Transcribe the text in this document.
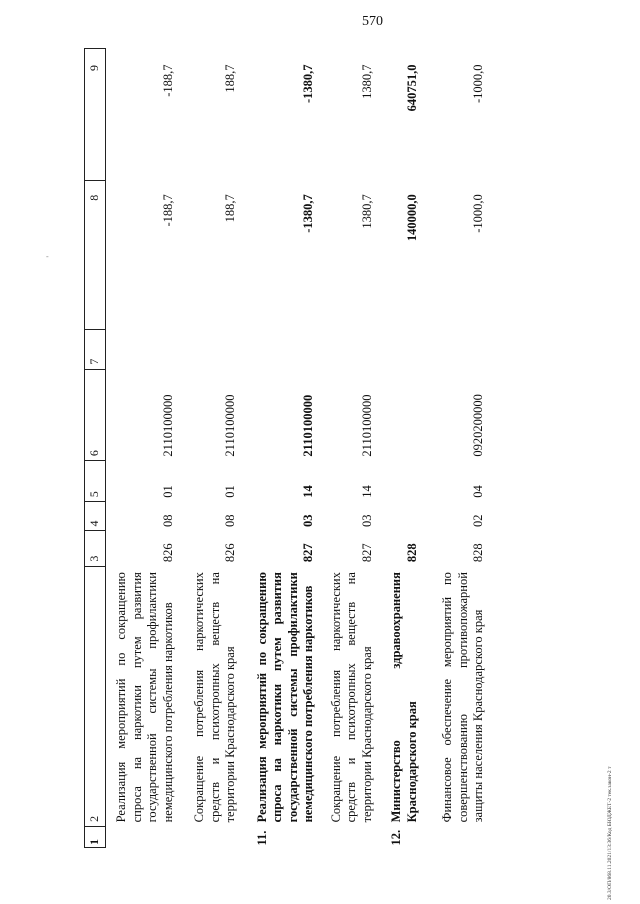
570
-
20.3/ОП/868.11.2021/13:36/Код БЮДЖЕТ-2 тек.закон-2 т
1	2	3	4	5	6	7	8	9
	Реализация мероприятий по сокращению спроса на наркотики путем развития государственной системы профилактики немедицинского потребления наркотиков	826	08	01	2110100000		-188,7	-188,7
	Сокращение потребления наркотических средств и психотропных веществ на территории Краснодарского края	826	08	01	2110100000		188,7	188,7
11.	Реализация мероприятий по сокращению спроса на наркотики путем развития государственной системы профилактики немедицинского потребления наркотиков	827	03	14	2110100000		-1380,7	-1380,7
	Сокращение потребления наркотических средств и психотропных веществ на территории Краснодарского края	827	03	14	2110100000		1380,7	1380,7
12.	Министерство здравоохранения Краснодарского края	828					140000,0	640751,0
	Финансовое обеспечение мероприятий по совершенствованию противопожарной защиты населения Краснодарского края	828	02	04	0920200000		-1000,0	-1000,0
